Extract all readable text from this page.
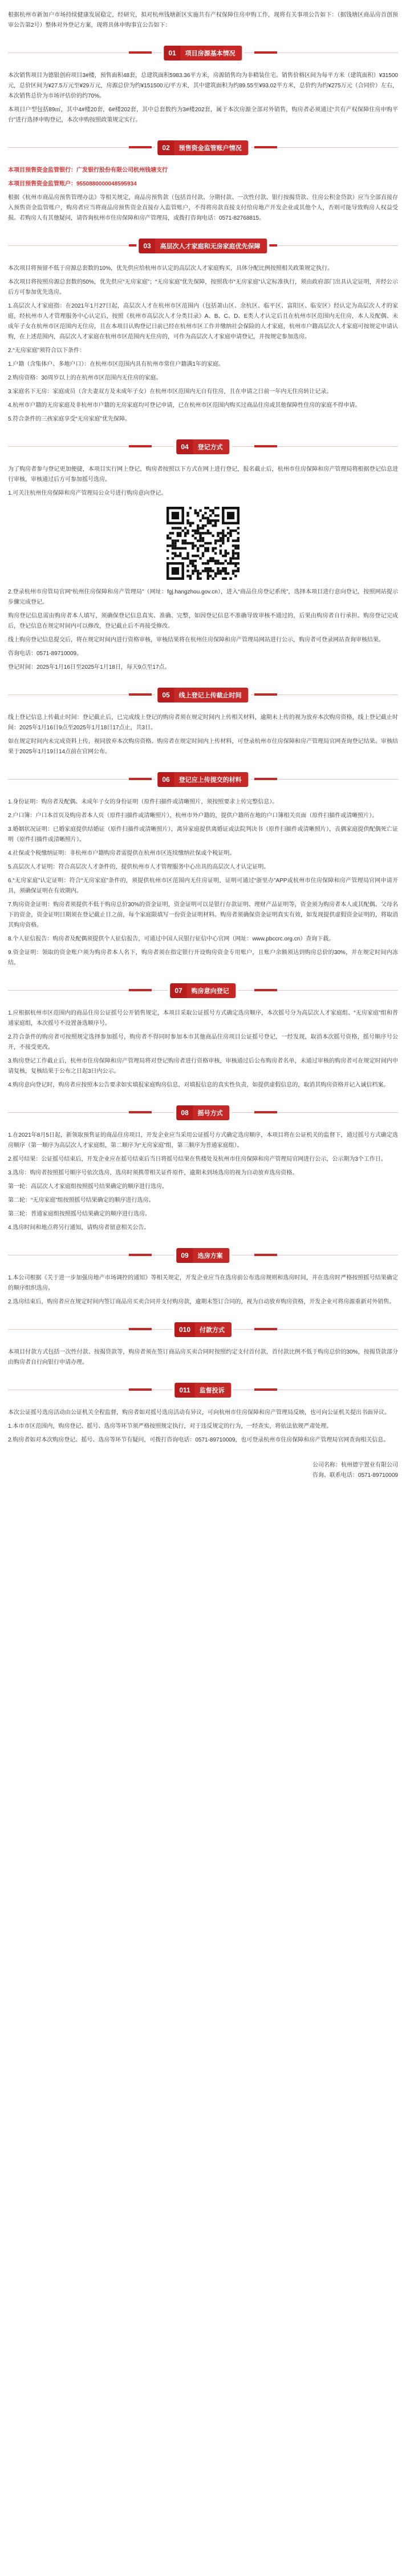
根据杭州市新加户市场持续健康发展稳定，经研究，拟对杭州钱塘新区实施共有产权保障住房申购工作，现将有关事项公告如下：（据钱塘区商品房首创预审公告第2号）整体对外登记方案，现将具体申购事宜公告如下：

01	项目房源基本情况

本次销售项目为德银创府项目3#楼，预售面积48套，总建筑面积5983.36平方米，房源销售均为非精装住宅。销售价格区间为每平方米（建筑面积）¥31500元，总价区间为¥27.5万元至¥29万元，房源总价为约¥151500元/平方米，其中建筑面积为约89.55至¥93.02平方米，总价约为约¥275万元（合同价）左右，本次销售总价为市场评估价的约70%。

本项目户型包括89㎡，其中4#楼20套，6#楼202套，其中总套数约为3#楼202套，属于本次房源全部对外销售，购房者必须通过“共有产权保障住房申购平台”进行选择申购登记，本次申购按照政策规定实行。

02	预售资金监管账户情况

本项目预售资金监管银行：广发银行股份有限公司杭州钱塘支行

本项目预售资金监管账户：9550880000048595934

根据《杭州市商品房预售管理办法》等相关规定，商品房预售款（包括首付款、分期付款、一次性付款、银行按揭贷款、住房公积金贷款）应当全部直接存入预售资金监管账户，购房者应当将商品房预售资金直接存入监管账户，不得将房款直接支付给房地产开发企业或其他个人，否则可能导致购房人权益受损。若购房人有其他疑问，请咨询杭州市住房保障和房产管理局，或拨打咨询电话：0571-82768815。

03	高层次人才家庭和无房家庭优先保障

本次项目将预留不低于房源总套数的10%，优先供应给杭州市认定的高层次人才家庭购买，具体分配比例按照相关政策规定执行。

本次项目将按照房源总套数的50%，优先供应“无房家庭”；“无房家庭”优先保障，按照我市“无房家庭”认定标准执行，须由政府部门出具认定证明，并经公示后方可参加优先选房。

1.高层次人才家庭指：在2021年1月27日起，高层次人才在杭州市区范围内（包括萧山区、余杭区、临平区、富阳区、临安区）经认定为高层次人才的家庭，经杭州市人才管理服务中心认定后，按照《杭州市高层次人才分类目录》A、B、C、D、E类人才认定后且在杭州市区范围内无住房，本人及配偶、未成年子女在杭州市区范围内无住房，且在本项目认购登记日前已经在杭州市区工作并缴纳社会保险的人才家庭，杭州市户籍高层次人才家庭可按规定申请认购，在上述范围内，高层次人才家庭在杭州市区范围内无住房的，可作为高层次人才家庭申请登记，并按规定参加选房。

2.“无房家庭”须符合以下条件：

1.户籍（含集体户、多地户口）：在杭州市区范围内具有杭州市常住户籍满1年的家庭。

2.购房资格：30周岁以上的在杭州市区范围内无住房的家庭。

3.家庭名下无房：家庭成员（含夫妻双方及未成年子女）在杭州市区范围内无自有住房，且在申请之日前一年内无住房转让记录。

4.杭州市户籍的无房家庭及非杭州市户籍的无房家庭均可登记申请，已在杭州市区范围内购买过商品住房或其他保障性住房的家庭不得申请。

5.符合条件的三孩家庭享受“无房家庭”优先保障。

04	登记方式

为了购房者参与登记更加便捷，本项目实行网上登记，购房者按照以下方式在网上进行登记，报名截止后，杭州市住房保障和房产管理局将根据登记信息进行审核，审核通过后方可参加摇号选房。

1.可关注杭州住房保障和房产管理局公众号进行购房意向登记。

2.登录杭州市房管局官网“杭州住房保障和房产管理局”（网址：fgj.hangzhou.gov.cn），进入“商品住房登记系统”，选择本项目进行意向登记，按照网站提示步骤完成登记。

购房登记信息需由购房者本人填写，须确保登记信息真实、准确、完整，如因登记信息不准确导致审核不通过的，后果由购房者自行承担。购房登记完成后，登记信息在规定时间内可以修改，登记截止后不再接受修改。

线上购房登记信息提交后，将在规定时间内进行资格审核，审核结果将在杭州住房保障和房产管理局网站进行公示，购房者可登录网站查询审核结果。

咨询电话：0571-89710009。

登记时间：2025年1月16日至2025年1月18日，每天9点至17点。

05	线上登记上传截止时间

线上登记信息上传截止时间：登记截止后，已完成线上登记的购房者须在规定时间内上传相关材料，逾期未上传的视为放弃本次购房资格，线上登记截止时间：2025年1月16日9点至2025年1月18日17点止，共3日。

如在规定时间内未完成资料上传，视同放弃本次购房资格。购房者在规定时间内上传材料，可登录杭州市住房保障和房产管理局官网查询登记结果。审核结果于2025年1月19日14点前在官网公布。

06	登记应上传提交的材料

1.身份证明：购房者及配偶、未成年子女的身份证明（原件扫描件或清晰照片，须按照要求上传完整信息）。

2.户口簿：户口本首页及购房者本人页（原件扫描件或清晰照片），杭州市外户籍的，提供户籍所在地的户口簿相关页面（原件扫描件或清晰照片）。

3.婚姻状况证明：已婚家庭提供结婚证（原件扫描件或清晰照片），离异家庭提供离婚证或法院判决书（原件扫描件或清晰照片），丧偶家庭提供配偶死亡证明（原件扫描件或清晰照片）。

4.社保或个税缴纳证明：非杭州市户籍购房者需提供在杭州市区连续缴纳社保或个税证明。

5.高层次人才证明：符合高层次人才条件的，提供杭州市人才管理服务中心出具的高层次人才认定证明。

6.“无房家庭”认定证明：符合“无房家庭”条件的，须提供杭州市区范围内无住房证明，证明可通过“浙里办”APP或杭州市住房保障和房产管理局官网申请开具，须确保证明在有效期内。

7.购房资金证明：购房者须提供不低于购房总价30%的资金证明，资金证明可以是银行存款证明、理财产品证明等，资金须为购房者本人或其配偶、父母名下的资金，资金证明日期须在登记截止日之前，每个家庭限填写一份资金证明材料。购房者须确保资金证明真实有效，如发现提供虚假资金证明的，将取消其购房资格。

8.个人征信报告：购房者及配偶须提供个人征信报告，可通过中国人民银行征信中心官网（网址：www.pbccrc.org.cn）查询下载。

9.资金证明：领取的资金账户须为购房者本人名下，购房者须在指定银行开设购房资金专用账户，且账户余额须达到购房总价的30%，并在规定时间内冻结。

07	购房意向登记

1.应根据杭州市区范围内的商品住房公证摇号公开销售规定，本项目采取公证摇号方式确定选房顺序，本次摇号分为高层次人才家庭组、“无房家庭”组和普通家庭组，本次摇号不设置备选顺序号。

2.符合条件的购房者可按照规定选择参加摇号，购房者不得同时参加本市其他商品住房项目公证摇号登记，一经发现，取消本次摇号资格，摇号顺序号公开，不接受更改。

3.购房登记工作截止后，杭州市住房保障和房产管理局将对登记购房者进行资格审核，审核通过后公布购房者名单，未通过审核的购房者可在规定时间内申请复核，复核结果于公布之日起3日内公示。

4.购房意向登记时，购房者应按照本公告要求如实填报家庭购房信息，对填报信息的真实性负责，如提供虚假信息的，取消其购房资格并记入诚信档案。

08	摇号方式

1.在2021年8月5日起，新领取预售证的商品住房项目，开发企业应当采用公证摇号方式确定选房顺序，本项目将在公证机关的监督下，通过摇号方式确定选房顺序（第一顺序为高层次人才家庭组，第二顺序为“无房家庭”组，第三顺序为普通家庭组）。

2.摇号结果：公证摇号结束后，开发企业应在摇号结束后当日将摇号结果在售楼处及杭州市住房保障和房产管理局官网进行公示，公示期为3个工作日。

3.选房：购房者按照摇号顺序号依次选房，选房时须携带相关证件原件，逾期未到场选房的视为自动放弃选房资格。

第一轮：高层次人才家庭组按照摇号结果确定的顺序进行选房。

第二轮：“无房家庭”组按照摇号结果确定的顺序进行选房。

第三轮：普通家庭组按照摇号结果确定的顺序进行选房。

4.选房时间和地点将另行通知，请购房者留意相关公告。

09	选房方案

1.本公司根据《关于进一步加强房地产市场调控的通知》等相关规定，开发企业应当在选房前公布选房规则和选房时间，并在选房时严格按照摇号结果确定的顺序组织选房。

2.选房结束后，购房者应在规定时间内签订商品房买卖合同并支付购房款，逾期未签订合同的，视为自动放弃购房资格，开发企业可将房源重新对外销售。

010	付款方式

本项目付款方式包括一次性付款、按揭贷款等，购房者须在签订商品房买卖合同时按照约定支付首付款，首付款比例不低于购房总价的30%，按揭贷款部分由购房者自行向银行申请办理。

011	监督投诉

本次公证摇号选房活动由公证机关全程监督，购房者如对摇号选房活动有异议，可向杭州市住房保障和房产管理局反映，也可向公证机关提出书面异议。

1.本市市区范围内，购房登记、摇号、选房等环节须严格按照规定执行，对于违反规定的行为，一经查实，将依法依规严肃处理。

2.购房者如对本次购房登记、摇号、选房等环节有疑问，可拨打咨询电话：0571-89710009，也可登录杭州市住房保障和房产管理局官网查询相关信息。

公司名称：杭州德宇置业有限公司

咨询、联系电话：0571-89710009
